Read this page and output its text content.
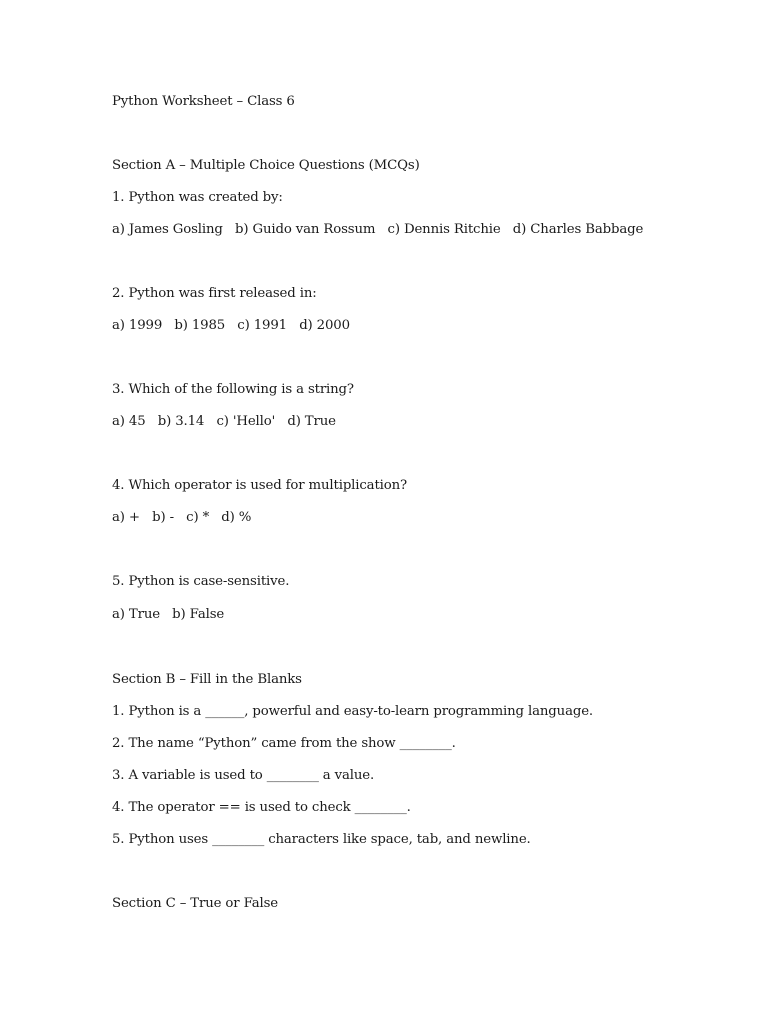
Python Worksheet – Class 6
Section A – Multiple Choice Questions (MCQs)
1. Python was created by:
a) James Gosling   b) Guido van Rossum   c) Dennis Ritchie   d) Charles Babbage
2. Python was first released in:
a) 1999   b) 1985   c) 1991   d) 2000
3. Which of the following is a string?
a) 45   b) 3.14   c) 'Hello'   d) True
4. Which operator is used for multiplication?
a) +   b) -   c) *   d) %
5. Python is case-sensitive.
a) True   b) False
Section B – Fill in the Blanks
1. Python is a ______, powerful and easy-to-learn programming language.
2. The name “Python” came from the show ________.
3. A variable is used to ________ a value.
4. The operator == is used to check ________.
5. Python uses ________ characters like space, tab, and newline.
Section C – True or False
